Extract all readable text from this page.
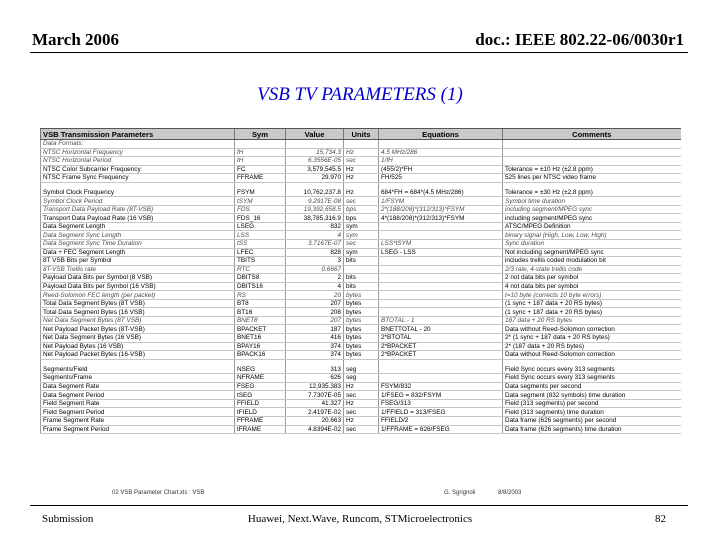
March 2006	doc.: IEEE 802.22-06/0030r1
VSB TV PARAMETERS (1)
VSB Transmission Parameters	Sym	Value	Units	Equations	Comments
Data Formats:					
NTSC Horizontal Frequency	fH	15,734.3	Hz	4.5 MHz/286	
NTSC Horizontal Period	tH	6.3556E-05	sec	1/fH	
NTSC Color Subcarrier Frequency	FC	3,579,545.5	Hz	(455/2)*FH	Tolerance = ±10 Hz (±2.8 ppm)
NTSC Frame Sync Frequency	FFRAME	29.970	Hz	FH/525	525 lines per NTSC video frame

Symbol Clock Frequency	FSYM	10,762,237.8	Hz	684*FH = 684*(4.5 MHz/286)	Tolerance = ±30 Hz (±2.8 ppm)
Symbol Clock Period	tSYM	9.2917E-08	sec	1/FSYM	Symbol time duration
Transport Data Payload Rate (8T-VSB)	FDS	19,392,658.5	bps	2*(188/208)*(312/313)*FSYM	including segment/MPEG sync
Transport Data Payload Rate (16 VSB)	FDS_16	38,785,316.9	bps	4*(188/208)*(312/313)*FSYM	including segment/MPEG sync
Data Segment Length	LSEG	832	sym		ATSC/MPEG Definition
Data Segment Sync Length	LSS	4	sym		binary signal (High, Low, Low, High)
Data Segment Sync Time Duration	tSS	3.7167E-07	sec	LSS*tSYM	Sync duration
Data + FEC Segment Length	LFEC	828	sym	LSEG - LSS	Not including segment/MPEG sync
8T VSB Bits per Symbol	TBITS	3	bits		includes trellis coded modulation bit
8T-VSB Trellis rate	RTC	0.6667			2/3 rate, 4-state trellis code
Payload Data Bits per Symbol (8 VSB)	DBITS8	2	bits		2 not data bits per symbol
Payload Data Bits per Symbol (16 VSB)	DBITS16	4	bits		4 not data bits per symbol
Reed-Solomon FEC length (per packet)	RS	20	bytes		t=10 byte (corrects 10 byte errors)
Total Data Segment Bytes (8T VSB)	BT8	207	bytes		(1 sync + 187 data + 20 RS bytes)
Total Data Segment Bytes (16 VSB)	BT16	208	bytes		(1 sync + 187 data + 20 RS bytes)
Net Data Segment Bytes (8T VSB)	BNET8	207	bytes	BTOTAL - 1	187 data + 20 RS bytes
Net Payload Packet Bytes (8T-VSB)	BPACKET	187	bytes	BNETTOTAL - 20	Data without Reed-Solomon correction
Net Data Segment Bytes (16 VSB)	BNET16	416	bytes	2*BTOTAL	2* (1 sync + 187 data + 20 RS bytes)
Net Payload Bytes (16 VSB)	BPAY16	374	bytes	2*BPACKET	2* (187 data + 20 RS bytes)
Net Payload Packet Bytes (16-VSB)	BPACK16	374	bytes	2*BPACKET	Data without Reed-Solomon correction

Segments/Field	NSEG	313	seg		Field Sync occurs every 313 segments
Segments/Frame	NFRAME	626	seg		Field Sync occurs every 313 segments
Data Segment Rate	FSEG	12,935.383	Hz	FSYM/832	Data segments per second
Data Segment Period	tSEG	7.7307E-05	sec	1/FSEG = 832/FSYM	Data segment (832 symbols) time duration
Field Segment Rate	FFIELD	41.327	Hz	FSEG/313	Field (313 segments) per second
Field Segment Period	tFIELD	2.4197E-02	sec	1/FFIELD = 313/FSEG	Field (313 segments) time duration
Frame Segment Rate	FFRAME	20.663	Hz	FFIELD/2	Data frame (626 segments) per second
Frame Segment Period	tFRAME	4.8394E-02	sec	1/FFRAME = 626/FSEG	Data frame (626 segments) time duration
02 VSB Parameter Chart.xls : VSB	G. Sgrignoli	8/8/2003
Submission	Huawei, Next.Wave, Runcom, STMicroelectronics	82
